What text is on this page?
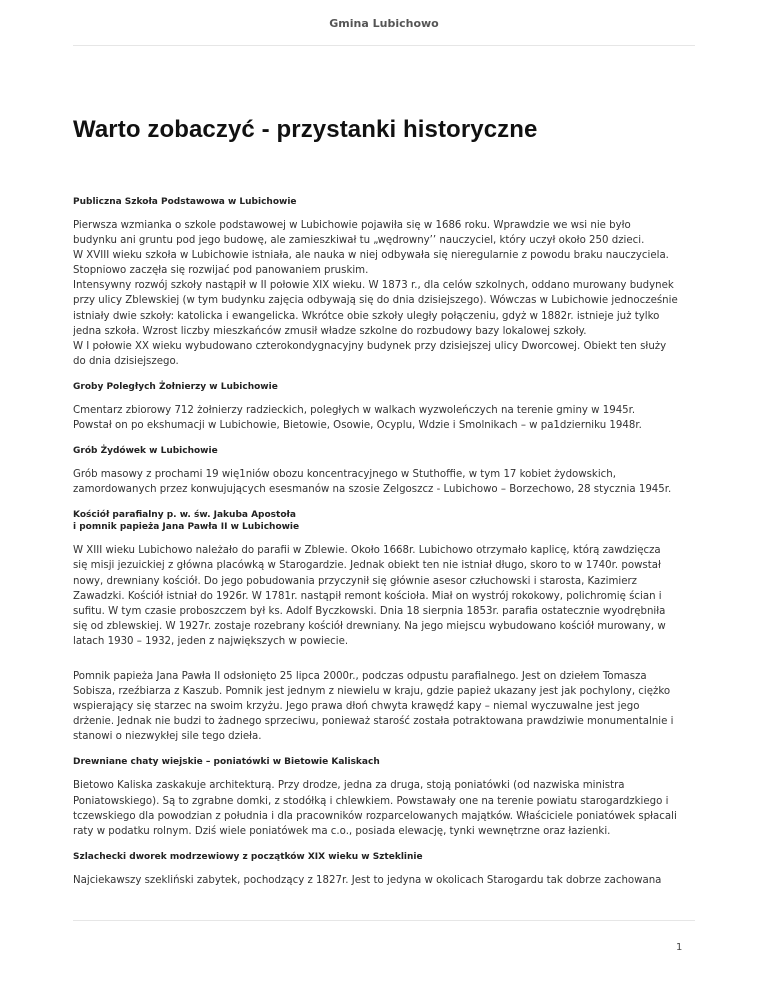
Gmina Lubichowo
Warto zobaczyć - przystanki historyczne
Publiczna Szkoła Podstawowa w Lubichowie
Pierwsza wzmianka o szkole podstawowej w Lubichowie pojawiła się w 1686 roku. Wprawdzie we wsi nie było
budynku ani gruntu pod jego budowę, ale zamieszkiwał tu „wędrowny’’ nauczyciel, który uczył około 250 dzieci.
W XVIII wieku szkoła w Lubichowie istniała, ale nauka w niej odbywała się nieregularnie z powodu braku nauczyciela.
Stopniowo zaczęła się rozwijać pod panowaniem pruskim.
Intensywny rozwój szkoły nastąpił w II połowie XIX wieku. W 1873 r., dla celów szkolnych, oddano murowany budynek
przy ulicy Zblewskiej (w tym budynku zajęcia odbywają się do dnia dzisiejszego). Wówczas w Lubichowie jednocześnie
istniały dwie szkoły: katolicka i ewangelicka. Wkrótce obie szkoły uległy połączeniu, gdyż w 1882r. istnieje już tylko
jedna szkoła. Wzrost liczby mieszkańców zmusił władze szkolne do rozbudowy bazy lokalowej szkoły.
W I połowie XX wieku wybudowano czterokondygnacyjny budynek przy dzisiejszej ulicy Dworcowej. Obiekt ten służy
do dnia dzisiejszego.
Groby Poległych Żołnierzy w Lubichowie
Cmentarz zbiorowy 712 żołnierzy radzieckich, poległych w walkach wyzwoleńczych na terenie gminy w 1945r.
Powstał on po ekshumacji w Lubichowie, Bietowie, Osowie, Ocyplu, Wdzie i Smolnikach – w pa1dzierniku 1948r.
Grób Żydówek w Lubichowie
Grób masowy z prochami 19 wię1niów obozu koncentracyjnego w Stuthoffie, w tym 17 kobiet żydowskich,
zamordowanych przez konwujujących esesmanów na szosie Zelgoszcz - Lubichowo – Borzechowo, 28 stycznia 1945r.
Kościół parafialny p. w. św. Jakuba Apostoła
i pomnik papieża Jana Pawła II w Lubichowie
W XIII wieku Lubichowo należało do parafii w Zblewie. Około 1668r. Lubichowo otrzymało kaplicę, którą zawdzięcza
się misji jezuickiej z główna placówką w Starogardzie. Jednak obiekt ten nie istniał długo, skoro to w 1740r. powstał
nowy, drewniany kościół. Do jego pobudowania przyczynił się głównie asesor człuchowski i starosta, Kazimierz
Zawadzki. Kościół istniał do 1926r. W 1781r. nastąpił remont kościoła. Miał on wystrój rokokowy, polichromię ścian i
sufitu. W tym czasie proboszczem był ks. Adolf Byczkowski. Dnia 18 sierpnia 1853r. parafia ostatecznie wyodrębniła
się od zblewskiej. W 1927r. zostaje rozebrany kościół drewniany. Na jego miejscu wybudowano kościół murowany, w
latach 1930 – 1932, jeden z największych w powiecie.
Pomnik papieża Jana Pawła II odsłonięto 25 lipca 2000r., podczas odpustu parafialnego. Jest on dziełem Tomasza
Sobisza, rzeźbiarza z Kaszub. Pomnik jest jednym z niewielu w kraju, gdzie papież ukazany jest jak pochylony, ciężko
wspierający się starzec na swoim krzyżu. Jego prawa dłoń chwyta krawędź kapy – niemal wyczuwalne jest jego
drżenie. Jednak nie budzi to żadnego sprzeciwu, ponieważ starość została potraktowana prawdziwie monumentalnie i
stanowi o niezwykłej sile tego dzieła.
Drewniane chaty wiejskie – poniatówki w Bietowie Kaliskach
Bietowo Kaliska zaskakuje architekturą. Przy drodze, jedna za druga, stoją poniatówki (od nazwiska ministra
Poniatowskiego). Są to zgrabne domki, z stodółką i chlewkiem. Powstawały one na terenie powiatu starogardzkiego i
tczewskiego dla powodzian z południa i dla pracowników rozparcelowanych majątków. Właściciele poniatówek spłacali
raty w podatku rolnym. Dziś wiele poniatówek ma c.o., posiada elewację, tynki wewnętrzne oraz łazienki.
Szlachecki dworek modrzewiowy z początków XIX wieku w Szteklinie
Najciekawszy szekliński zabytek, pochodzący z 1827r. Jest to jedyna w okolicach Starogardu tak dobrze zachowana
1
